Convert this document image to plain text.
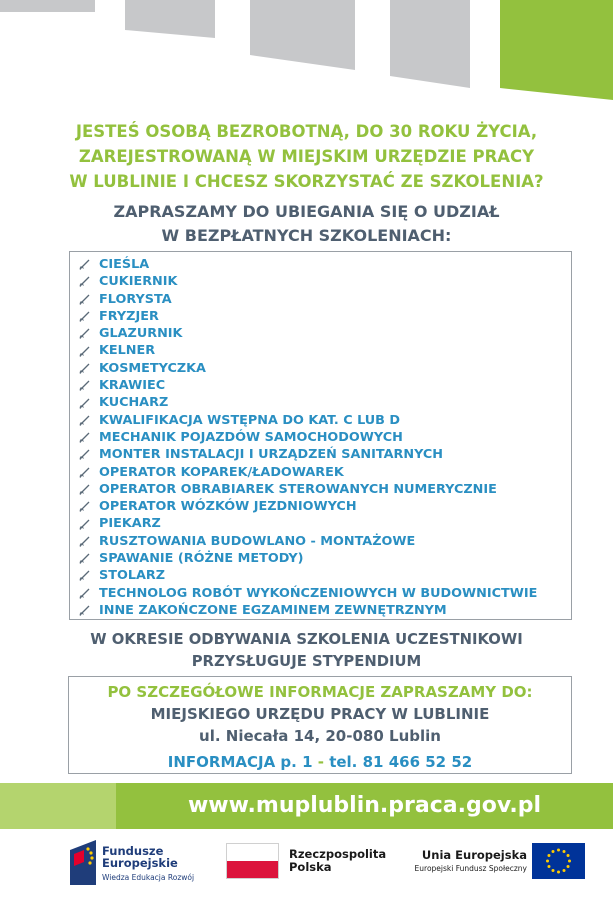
JESTEŚ OSOBĄ BEZROBOTNĄ, DO 30 ROKU ŻYCIA,
ZAREJESTROWANĄ W MIEJSKIM URZĘDZIE PRACY
W LUBLINIE I CHCESZ SKORZYSTAĆ ZE SZKOLENIA?
ZAPRASZAMY DO UBIEGANIA SIĘ O UDZIAŁ
W BEZPŁATNYCH SZKOLENIACH:
CIEŚLA
CUKIERNIK
FLORYSTA
FRYZJER
GLAZURNIK
KELNER
KOSMETYCZKA
KRAWIEC
KUCHARZ
KWALIFIKACJA WSTĘPNA DO KAT. C LUB D
MECHANIK POJAZDÓW SAMOCHODOWYCH
MONTER INSTALACJI I URZĄDZEŃ SANITARNYCH
OPERATOR KOPAREK/ŁADOWAREK
OPERATOR OBRABIAREK STEROWANYCH NUMERYCZNIE
OPERATOR WÓZKÓW JEZDNIOWYCH
PIEKARZ
RUSZTOWANIA BUDOWLANO - MONTAŻOWE
SPAWANIE (RÓŻNE METODY)
STOLARZ
TECHNOLOG ROBÓT WYKOŃCZENIOWYCH W BUDOWNICTWIE
INNE ZAKOŃCZONE EGZAMINEM ZEWNĘTRZNYM
W OKRESIE ODBYWANIA SZKOLENIA UCZESTNIKOWI
PRZYSŁUGUJE STYPENDIUM
PO SZCZEGÓŁOWE INFORMACJE ZAPRASZAMY DO:
MIEJSKIEGO URZĘDU PRACY W LUBLINIE
ul. Niecała 14, 20-080 Lublin
INFORMACJA p. 1 - tel. 81 466 52 52
www.muplublin.praca.gov.pl
Fundusze
Europejskie
Wiedza Edukacja Rozwój
Rzeczpospolita
Polska
Unia Europejska
Europejski Fundusz Społeczny
